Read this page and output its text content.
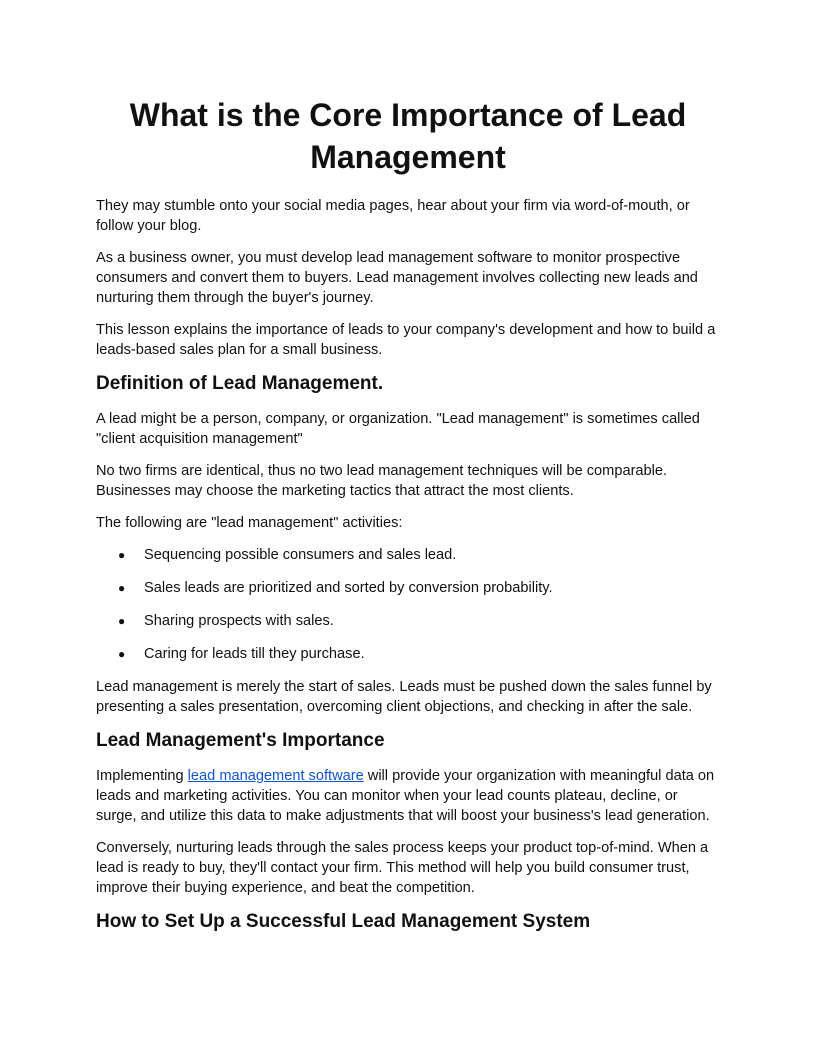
What is the Core Importance of Lead Management

They may stumble onto your social media pages, hear about your firm via word-of-mouth, or follow your blog.

As a business owner, you must develop lead management software to monitor prospective consumers and convert them to buyers. Lead management involves collecting new leads and nurturing them through the buyer's journey.

This lesson explains the importance of leads to your company's development and how to build a leads-based sales plan for a small business.

Definition of Lead Management.

A lead might be a person, company, or organization. "Lead management" is sometimes called "client acquisition management"

No two firms are identical, thus no two lead management techniques will be comparable. Businesses may choose the marketing tactics that attract the most clients.

The following are "lead management" activities:

● Sequencing possible consumers and sales lead.
● Sales leads are prioritized and sorted by conversion probability.
● Sharing prospects with sales.
● Caring for leads till they purchase.

Lead management is merely the start of sales. Leads must be pushed down the sales funnel by presenting a sales presentation, overcoming client objections, and checking in after the sale.

Lead Management's Importance

Implementing lead management software will provide your organization with meaningful data on leads and marketing activities. You can monitor when your lead counts plateau, decline, or surge, and utilize this data to make adjustments that will boost your business's lead generation.

Conversely, nurturing leads through the sales process keeps your product top-of-mind. When a lead is ready to buy, they'll contact your firm. This method will help you build consumer trust, improve their buying experience, and beat the competition.

How to Set Up a Successful Lead Management System
